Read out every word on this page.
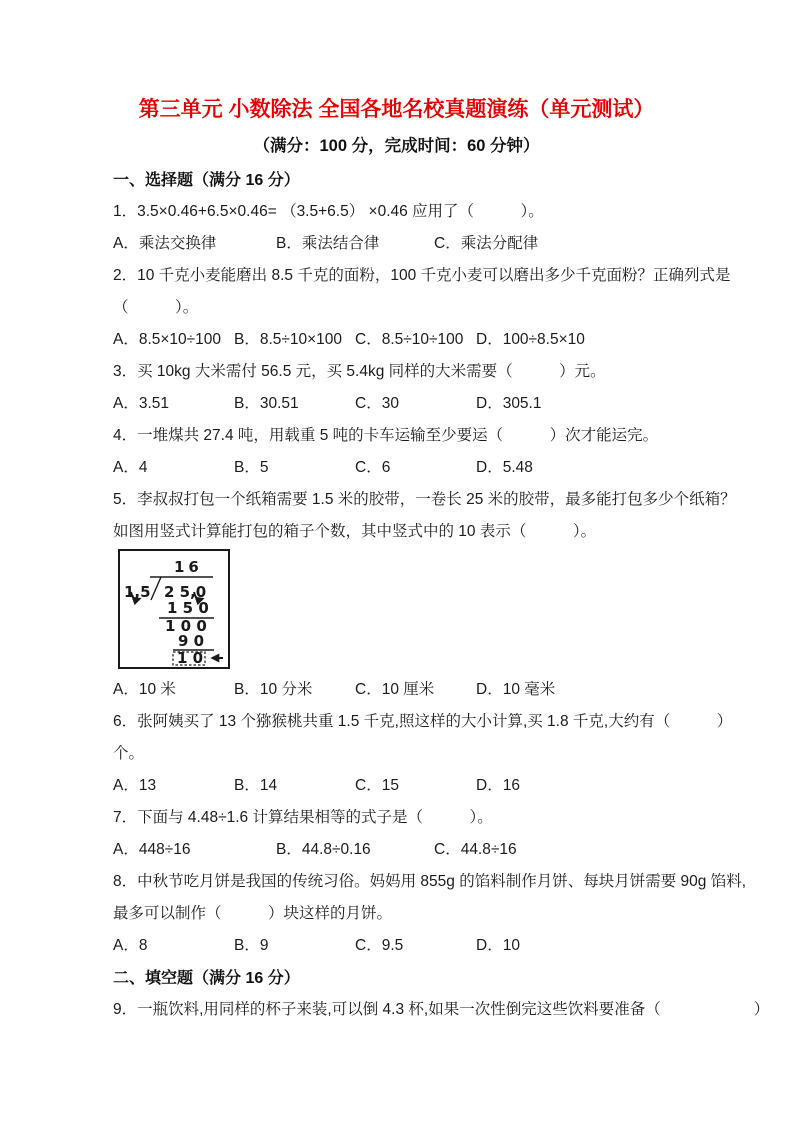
第三单元 小数除法 全国各地名校真题演练（单元测试）
（满分：100 分，完成时间：60 分钟）
一、选择题（满分 16 分）
1．3.5×0.46+6.5×0.46= （3.5+6.5） ×0.46 应用了（　　　）。
A．乘法交换律	B．乘法结合律	C．乘法分配律
2．10 千克小麦能磨出 8.5 千克的面粉，100 千克小麦可以磨出多少千克面粉？正确列式是
（　　　）。
A．8.5×10÷100 B．8.5÷10×100 C．8.5÷10÷100 D．100÷8.5×10
3．买 10kg 大米需付 56.5 元，买 5.4kg 同样的大米需要（　　　）元。
A．3.51	B．30.51	C．30	D．305.1
4．一堆煤共 27.4 吨，用载重 5 吨的卡车运输至少要运（　　　）次才能运完。
A．4	B．5	C．6	D．5.48
5．李叔叔打包一个纸箱需要 1.5 米的胶带，一卷长 25 米的胶带，最多能打包多少个纸箱？
如图用竖式计算能打包的箱子个数，其中竖式中的 10 表示（　　　）。
16
1,5 2 5,0
1 5 0
1 0 0
9 0
1 0
A．10 米	B．10 分米	C．10 厘米	D．10 毫米
6．张阿姨买了 13 个猕猴桃共重 1.5 千克,照这样的大小计算,买 1.8 千克,大约有（　　　）
个。
A．13	B．14	C．15	D．16
7．下面与 4.48÷1.6 计算结果相等的式子是（　　　）。
A．448÷16	B．44.8÷0.16	C．44.8÷16
8．中秋节吃月饼是我国的传统习俗。妈妈用 855g 的馅料制作月饼、每块月饼需要 90g 馅料,
最多可以制作（　　　）块这样的月饼。
A．8	B．9	C．9.5	D．10
二、填空题（满分 16 分）
9．一瓶饮料,用同样的杯子来装,可以倒 4.3 杯,如果一次性倒完这些饮料要准备（　　　　　　）
